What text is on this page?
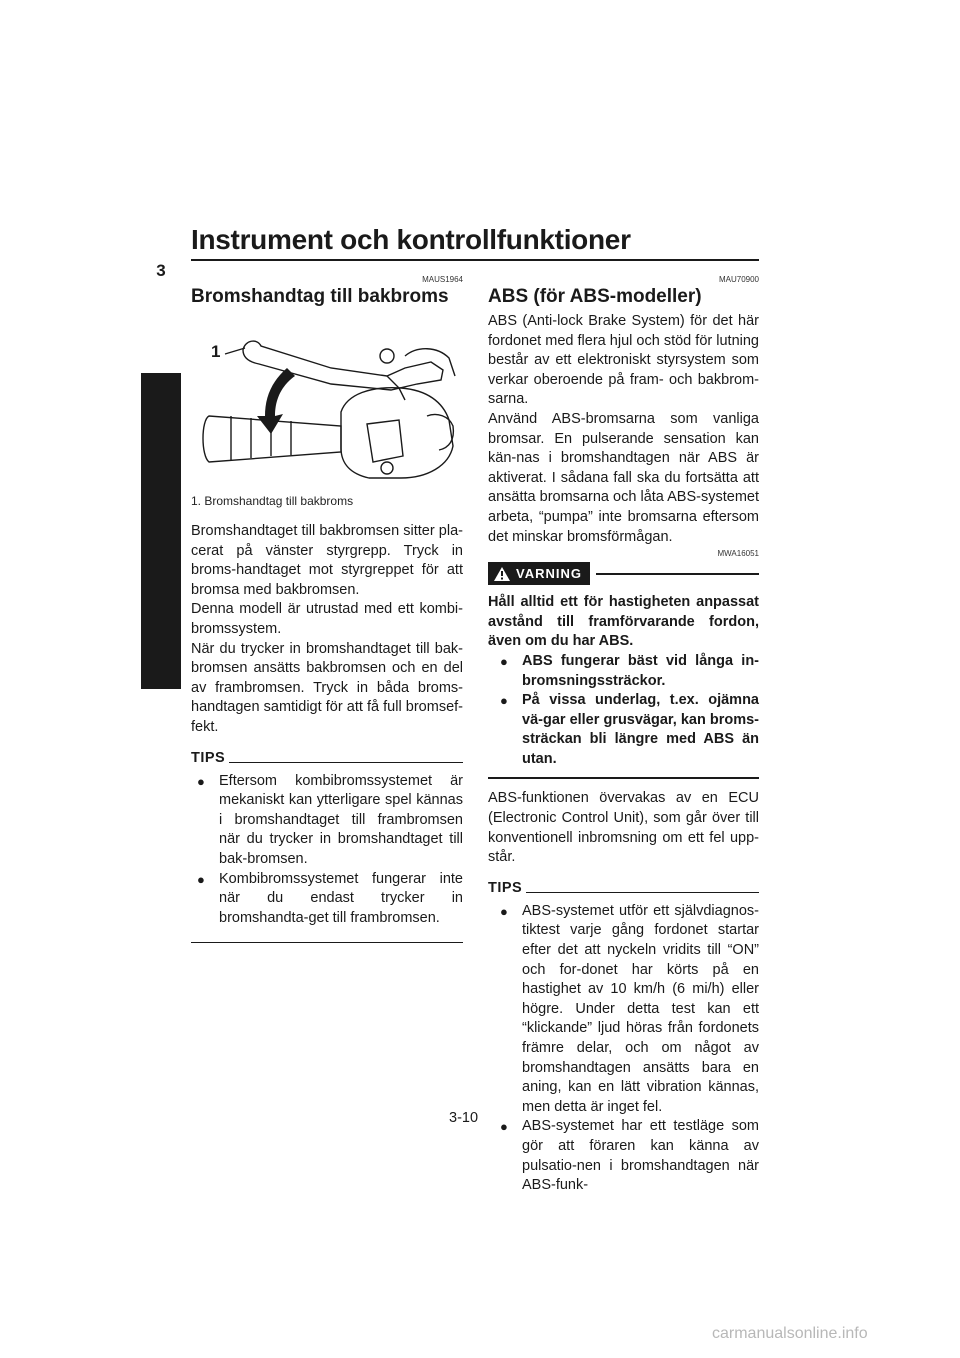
Instrument och kontrollfunktioner
3	MAUS1964
Bromshandtag till bakbroms
1
1. Bromshandtag till bakbroms

Bromshandtaget till bakbromsen sitter pla-cerat på vänster styrgrepp. Tryck in broms-handtaget mot styrgreppet för att bromsa med bakbromsen.

Denna modell är utrustad med ett kombi-bromssystem.

När du trycker in bromshandtaget till bak-bromsen ansätts bakbromsen och en del av frambromsen. Tryck in båda broms-handtagen samtidigt för att få full bromsef-fekt.

TIPS
● Eftersom kombibromssystemet är mekaniskt kan ytterligare spel kännas i bromshandtaget till frambromsen när du trycker in bromshandtaget till bak-bromsen.
● Kombibromssystemet fungerar inte när du endast trycker in bromshandta-get till frambromsen.
MAU70900
ABS (för ABS-modeller)

ABS (Anti-lock Brake System) för det här fordonet med flera hjul och stöd för lutning består av ett elektroniskt styrsystem som verkar oberoende på fram- och bakbrom-sarna.

Använd ABS-bromsarna som vanliga bromsar. En pulserande sensation kan kän-nas i bromshandtagen när ABS är aktiverat. I sådana fall ska du fortsätta att ansätta bromsarna och låta ABS-systemet arbeta, “pumpa” inte bromsarna eftersom det minskar bromsförmågan.

MWA16051
VARNING
Håll alltid ett för hastigheten anpassat avstånd till framförvarande fordon, även om du har ABS.
● ABS fungerar bäst vid långa in-bromsningssträckor.
● På vissa underlag, t.ex. ojämna vä-gar eller grusvägar, kan broms-sträckan bli längre med ABS än utan.
ABS-funktionen övervakas av en ECU (Electronic Control Unit), som går över till konventionell inbromsning om ett fel upp-står.
TIPS
● ABS-systemet utför ett självdiagnos-tiktest varje gång fordonet startar efter det att nyckeln vridits till “ON” och for-donet har körts på en hastighet av 10 km/h (6 mi/h) eller högre. Under detta test kan ett “klickande” ljud höras från fordonets främre delar, och om något av bromshandtagen ansätts bara en aning, kan en lätt vibration kännas, men detta är inget fel.
● ABS-systemet har ett testläge som gör att föraren kan känna av pulsatio-nen i bromshandtagen när ABS-funk-
3-10
carmanualsonline.info
